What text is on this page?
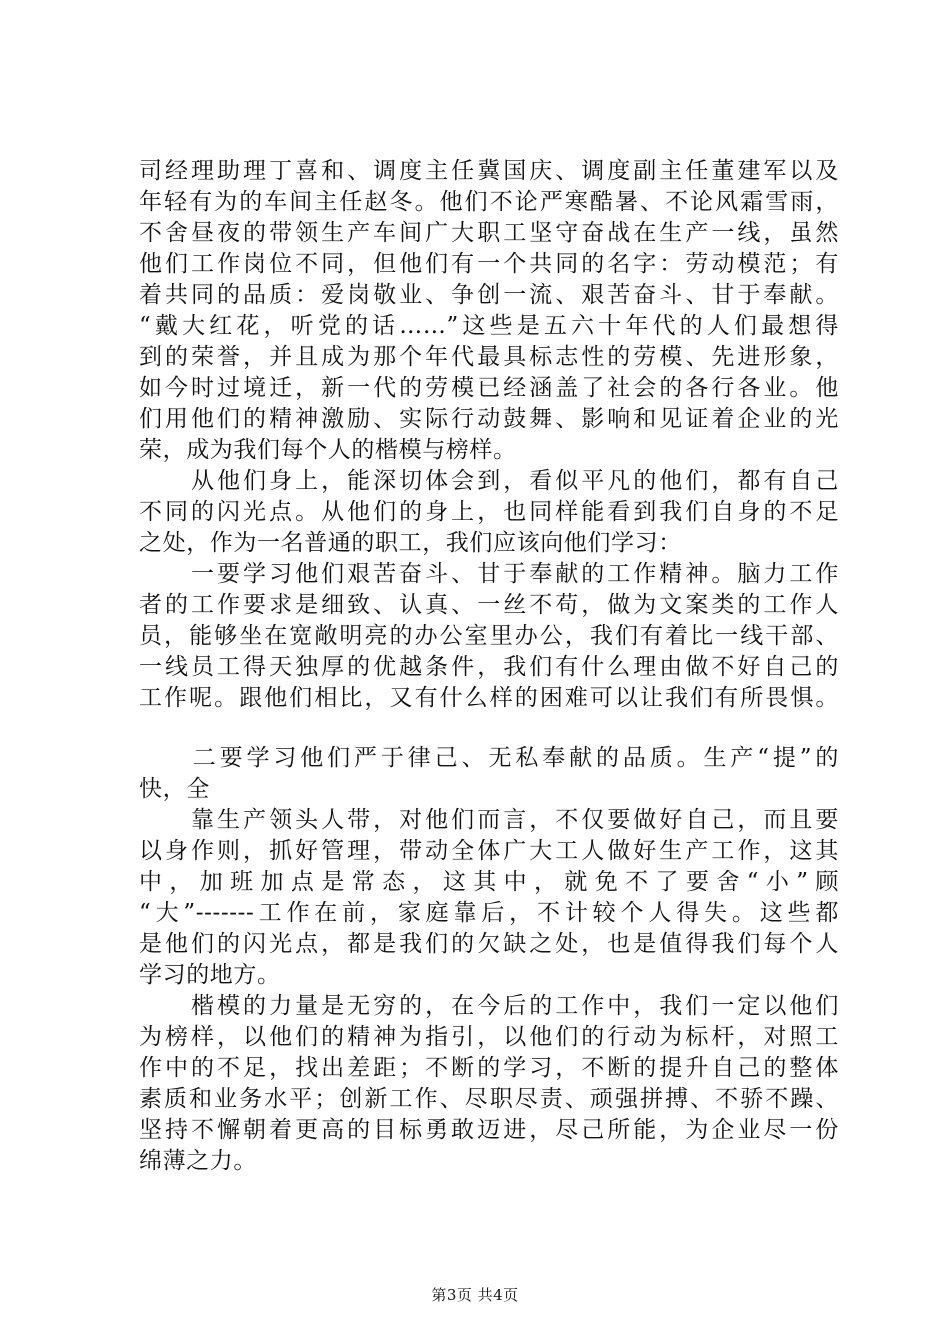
司经理助理丁喜和、调度主任冀国庆、调度副主任董建军以及
年轻有为的车间主任赵冬。他们不论严寒酷暑、不论风霜雪雨，
不舍昼夜的带领生产车间广大职工坚守奋战在生产一线，虽然
他们工作岗位不同，但他们有一个共同的名字：劳动模范；有
着共同的品质：爱岗敬业、争创一流、艰苦奋斗、甘于奉献。
“戴大红花，听党的话……”这些是五六十年代的人们最想得
到的荣誉，并且成为那个年代最具标志性的劳模、先进形象，
如今时过境迁，新一代的劳模已经涵盖了社会的各行各业。他
们用他们的精神激励、实际行动鼓舞、影响和见证着企业的光
荣，成为我们每个人的楷模与榜样。
　　从他们身上，能深切体会到，看似平凡的他们，都有自己
不同的闪光点。从他们的身上，也同样能看到我们自身的不足
之处，作为一名普通的职工，我们应该向他们学习：
　　一要学习他们艰苦奋斗、甘于奉献的工作精神。脑力工作
者的工作要求是细致、认真、一丝不苟，做为文案类的工作人
员，能够坐在宽敞明亮的办公室里办公，我们有着比一线干部、
一线员工得天独厚的优越条件，我们有什么理由做不好自己的
工作呢。跟他们相比，又有什么样的困难可以让我们有所畏惧。
　　二要学习他们严于律己、无私奉献的品质。生产“提”的
快，全
　　靠生产领头人带，对他们而言，不仅要做好自己，而且要
以身作则，抓好管理，带动全体广大工人做好生产工作，这其
中，加班加点是常态，这其中，就免不了要舍“小”顾
“大”-------工作在前，家庭靠后，不计较个人得失。这些都
是他们的闪光点，都是我们的欠缺之处，也是值得我们每个人
学习的地方。
　　楷模的力量是无穷的，在今后的工作中，我们一定以他们
为榜样，以他们的精神为指引，以他们的行动为标杆，对照工
作中的不足，找出差距；不断的学习，不断的提升自己的整体
素质和业务水平；创新工作、尽职尽责、顽强拼搏、不骄不躁、
坚持不懈朝着更高的目标勇敢迈进，尽己所能，为企业尽一份
绵薄之力。
第3页 共4页
